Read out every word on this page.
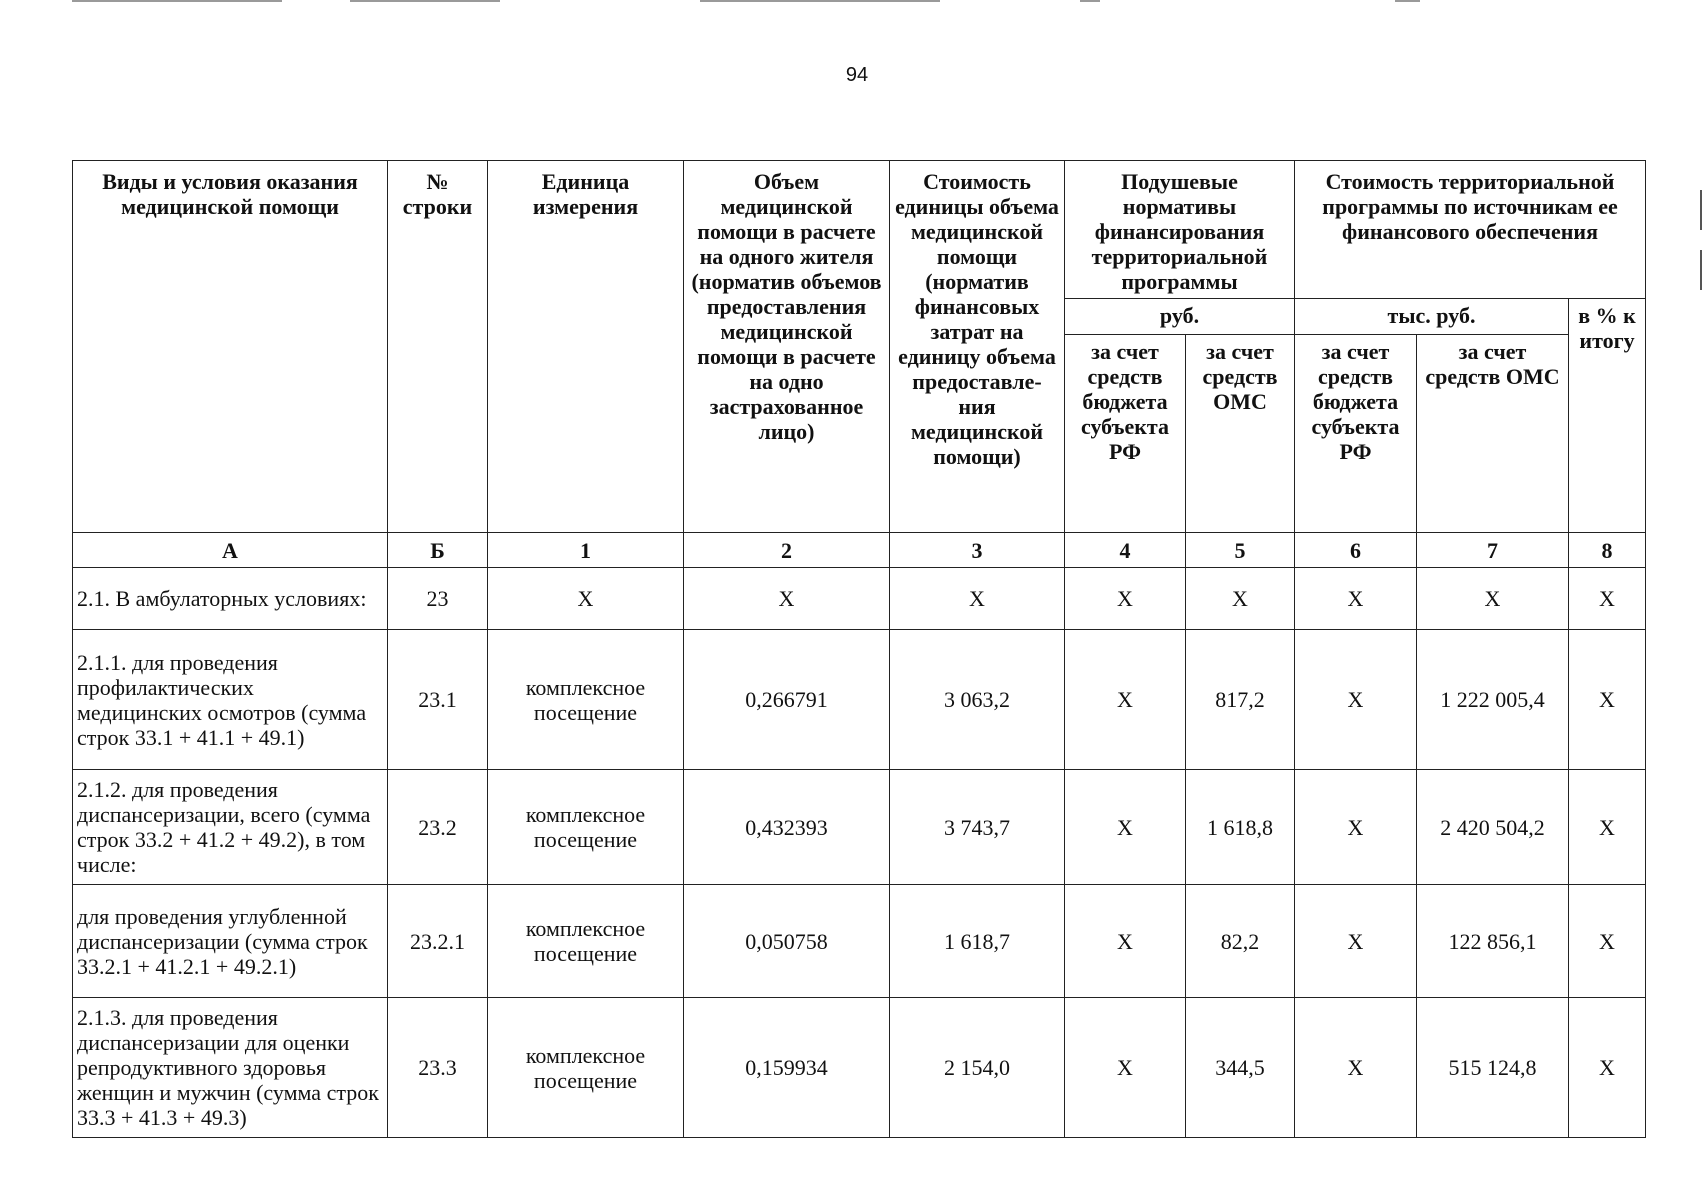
94
Виды и условия оказания медицинской помощи	№ строки	Единица измерения	Объем медицинской помощи в расчете на одного жителя (норматив объемов предоставления медицинской помощи в расчете на одно застрахованное лицо)	Стоимость единицы объема медицинской помощи (норматив финансовых затрат на единицу объема предоставле- ния медицинской помощи)	Подушевые нормативы финансирования территориальной программы		Стоимость территориальной программы по источникам ее финансового обеспечения		
					руб.		тыс. руб.		в % к итогу
					за счет средств бюджета субъекта РФ	за счет средств ОМС	за счет средств бюджета субъекта РФ	за счет средств ОМС	
А	Б	1	2	3	4	5	6	7	8
2.1. В амбулаторных условиях:	23	Х	Х	Х	Х	Х	Х	Х	Х
2.1.1. для проведения профилактических медицинских осмотров (сумма строк 33.1 + 41.1 + 49.1)	23.1	комплексное посещение	0,266791	3 063,2	Х	817,2	Х	1 222 005,4	Х
2.1.2. для проведения диспансеризации, всего (сумма строк 33.2 + 41.2 + 49.2), в том числе:	23.2	комплексное посещение	0,432393	3 743,7	Х	1 618,8	Х	2 420 504,2	Х
для проведения углубленной диспансеризации (сумма строк 33.2.1 + 41.2.1 + 49.2.1)	23.2.1	комплексное посещение	0,050758	1 618,7	Х	82,2	Х	122 856,1	Х
2.1.3. для проведения диспансеризации для оценки репродуктивного здоровья женщин и мужчин (сумма строк 33.3 + 41.3 + 49.3)	23.3	комплексное посещение	0,159934	2 154,0	Х	344,5	Х	515 124,8	Х
